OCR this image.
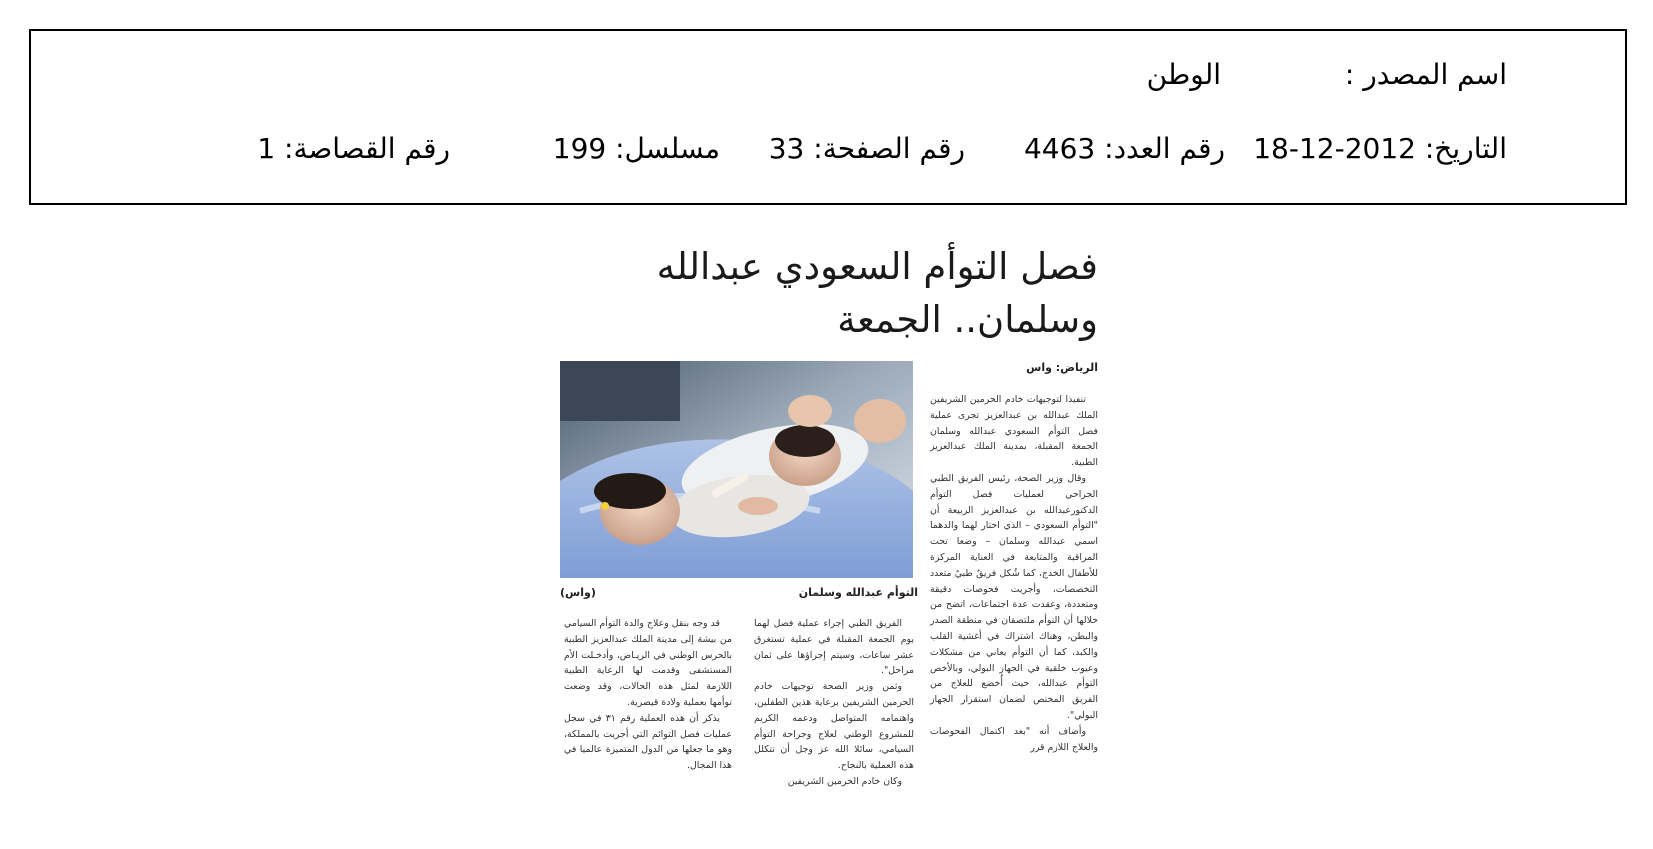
اسم المصدر :
الوطن
التاريخ: 2012-12-18
رقم العدد: 4463
رقم الصفحة: 33
مسلسل: 199
رقم القصاصة: 1
فصل التوأم السعودي عبدالله
وسلمان.. الجمعة
الرياض: واس
التوأم عبدالله وسلمان
(واس)

تنفيذا لتوجيهات خادم الحرمين الشريفين الملك عبدالله بن عبدالعزيز تجرى عملية فصل التوأم السعودي عبدالله وسلمان الجمعة المقبلة، بمدينة الملك عبدالعزيز الطبية.

وقال وزير الصحة، رئيس الفريق الطبي الجراحي لعمليات فصل التوأم الدكتورعبدالله بن عبدالعزيز الربيعة أن "التوأم السعودي – الذي اختار لهما والدهما اسمي عبدالله وسلمان – وضعا تحت المراقبة والمتابعة في العناية المركزة للأطفال الخدج، كما شُكل فريقٌ طبيٌ متعدد التخصصات، وأجريت فحوصات دقيقة ومتعددة، وعقدت عدة اجتماعات، اتضح من خلالها أن التوأم ملتصقان في منطقة الصدر والبطن، وهناك اشتراك في أغشية القلب والكبد، كما أن التوأم يعاني من مشكلات وعيوب خلقية في الجهاز البولي، وبالأخص التوأم عبدالله، حيث أُخضع للعلاج من الفريق المختص لضمان استقرار الجهاز البولي".

وأضاف أنه "بعد اكتمال الفحوصات والعلاج اللازم قرر

الفريق الطبي إجراء عملية فصل لهما يوم الجمعة المقبلة في عملية تستغرق عشر ساعات، وسيتم إجراؤها على ثمان مراحل".

وثمن وزير الصحة توجيهات خادم الحرمين الشريفين برعاية هذين الطفلين، واهتمامه المتواصل ودعمه الكريم للمشروع الوطني لعلاج وجراحة التوأم السيامي، سائلا الله عز وجل أن تتكلل هذه العملية بالنجاح.

وكان خادم الحرمين الشريفين

قد وجه بنقل وعلاج والدة التوأم السيامي من بيشة إلى مدينة الملك عبدالعزيز الطبية بالحرس الوطني في الريـاض، وأدخـلت الأم المستشفى وقدمت لها الرعاية الطبية اللازمة لمثل هذه الحالات، وقد وضعت توأمها بعملية ولادة قيصرية.

يذكر أن هذه العملية رقم ٣١ في سجل عمليات فصل التوائم التي أجريت بالمملكة، وهو ما جعلها من الدول المتميزة عالميا في هذا المجال.
